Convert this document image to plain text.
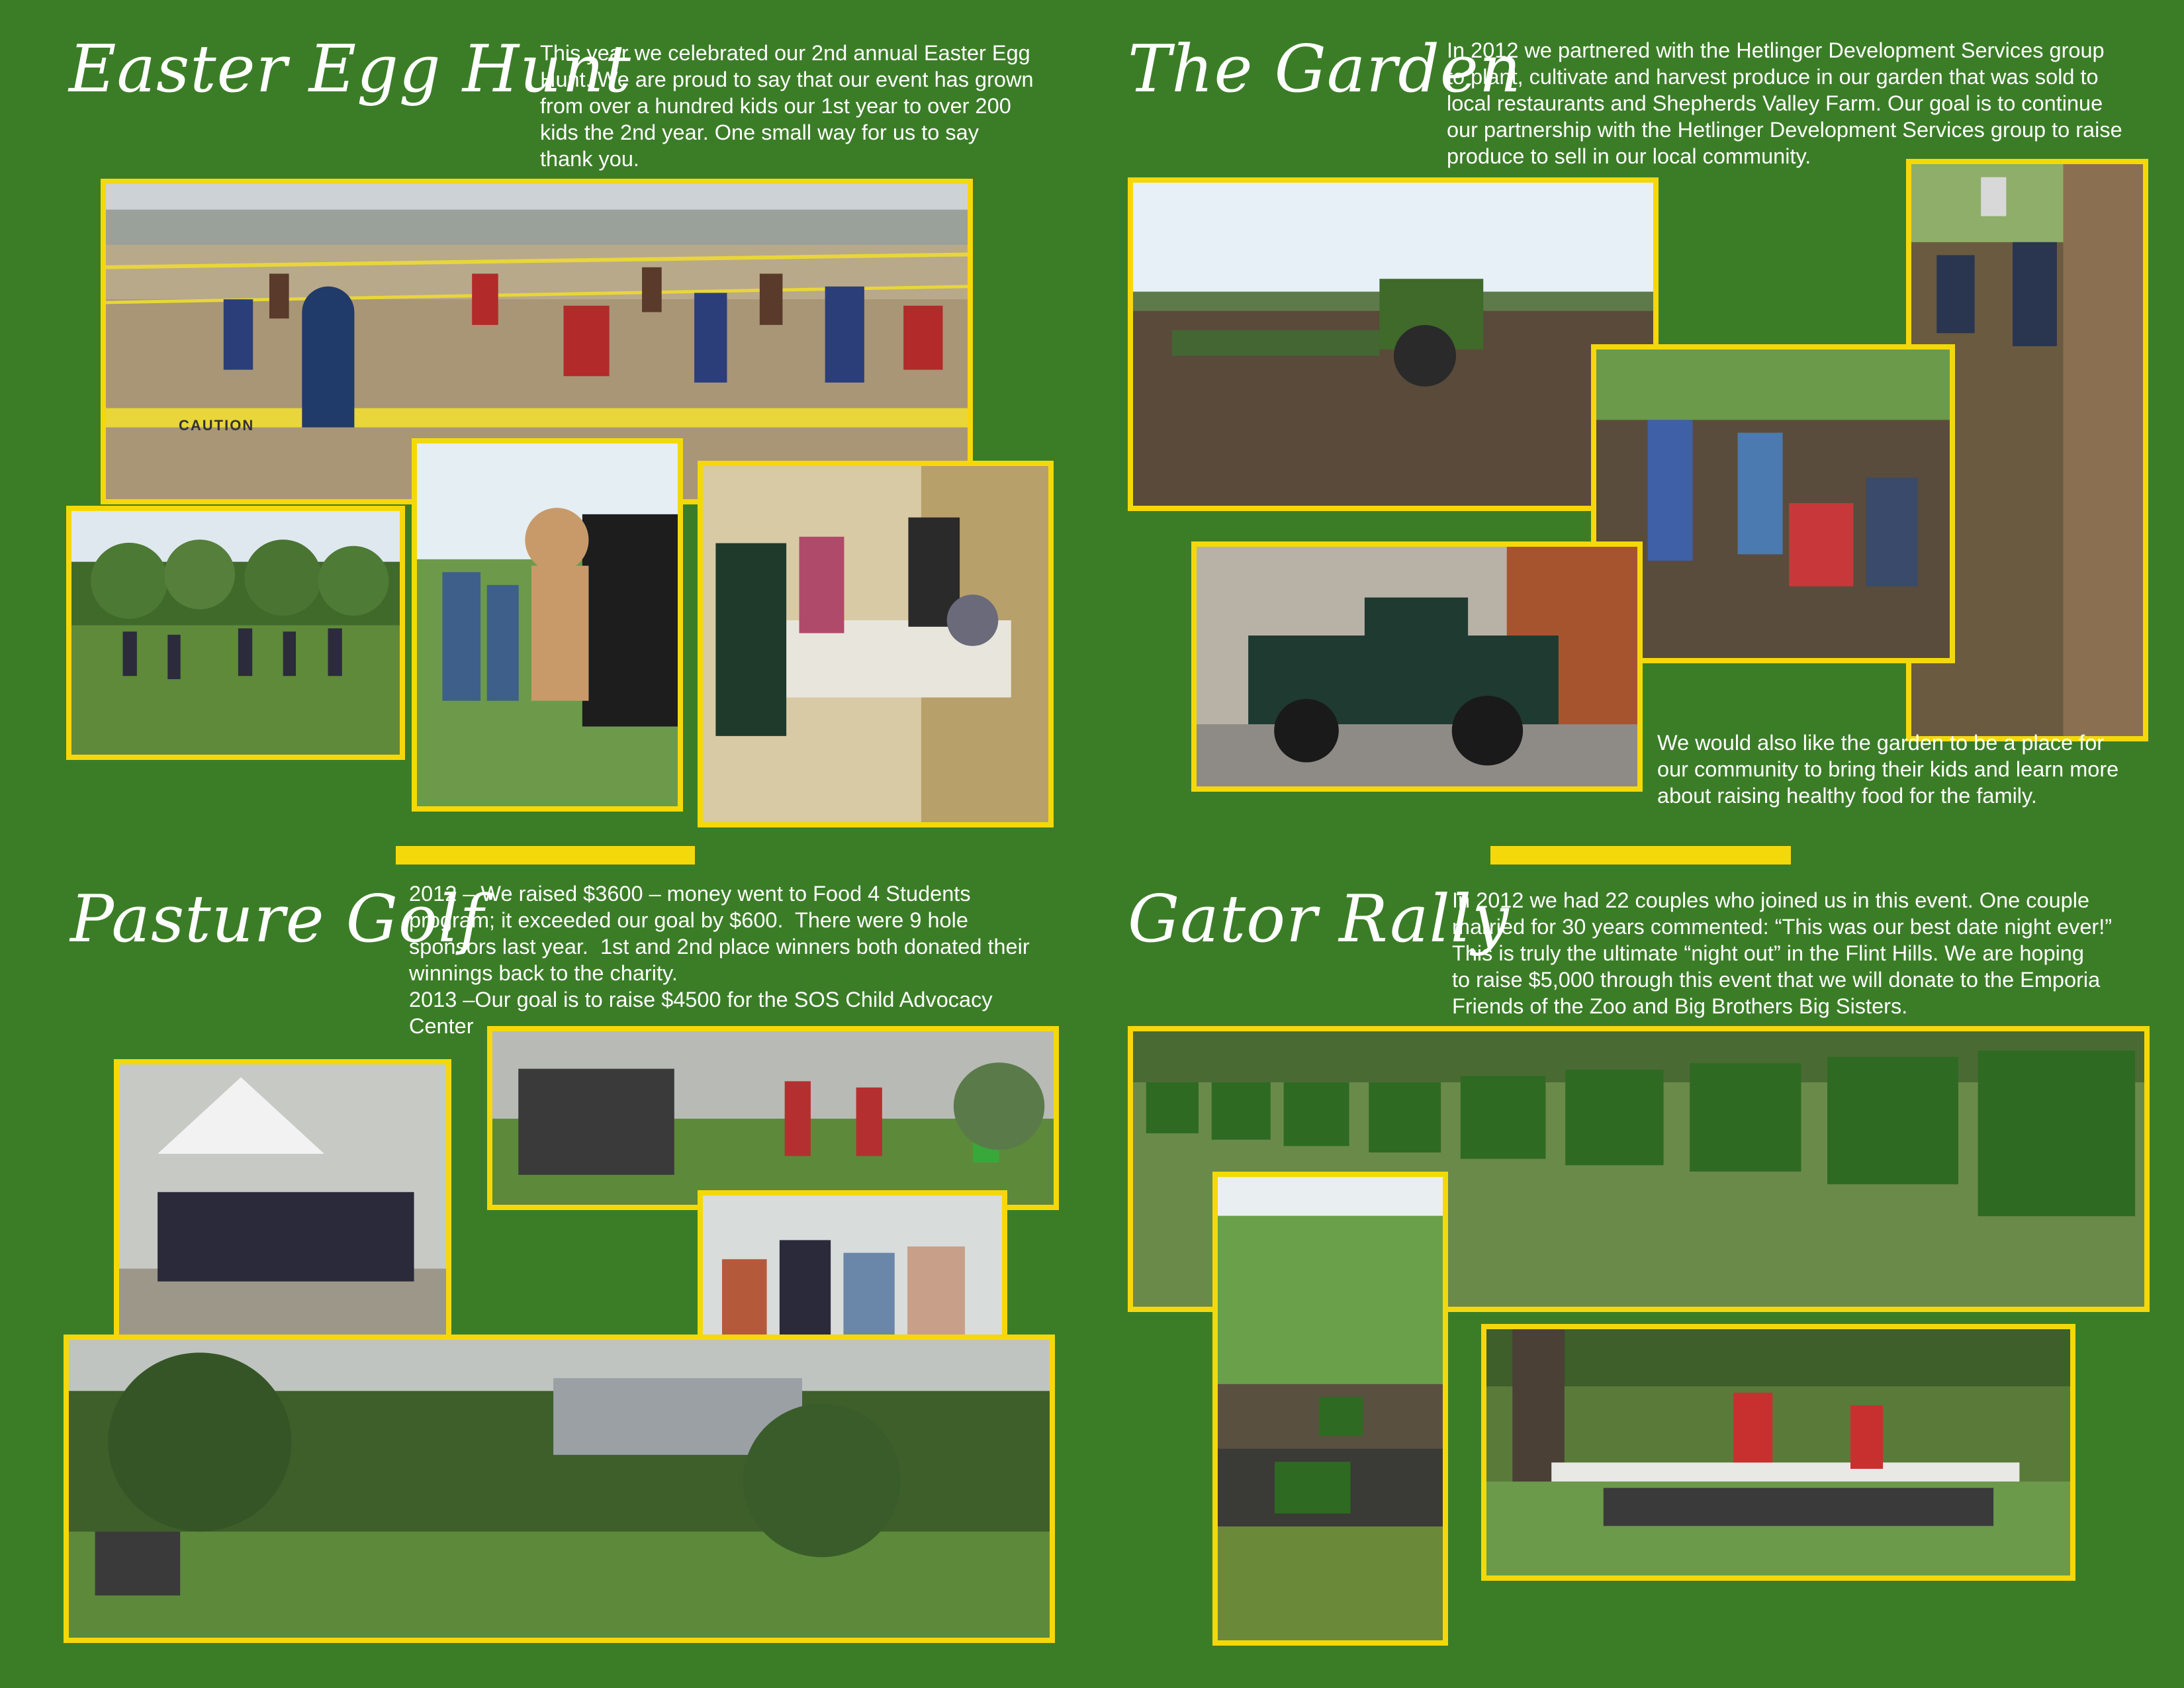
Easter Egg Hunt

This year we celebrated our 2nd annual Easter Egg
Hunt. We are proud to say that our event has grown
from over a hundred kids our 1st year to over 200
kids the 2nd year. One small way for us to say
thank you.

CAUTION
The Garden

In 2012 we partnered with the Hetlinger Development Services group
to plant, cultivate and harvest produce in our garden that was sold to
local restaurants and Shepherds Valley Farm. Our goal is to continue
our partnership with the Hetlinger Development Services group to raise
produce to sell in our local community.

We would also like the garden to be a place for
our community to bring their kids and learn more
about raising healthy food for the family.

Pasture Golf

2012 – We raised $3600 – money went to Food 4 Students
program; it exceeded our goal by $600.  There were 9 hole
sponsors last year.  1st and 2nd place winners both donated their
winnings back to the charity.
2013 –Our goal is to raise $4500 for the SOS Child Advocacy
Center

Gator Rally

In 2012 we had 22 couples who joined us in this event. One couple
married for 30 years commented: “This was our best date night ever!”
This is truly the ultimate “night out” in the Flint Hills. We are hoping
to raise $5,000 through this event that we will donate to the Emporia
Friends of the Zoo and Big Brothers Big Sisters.
